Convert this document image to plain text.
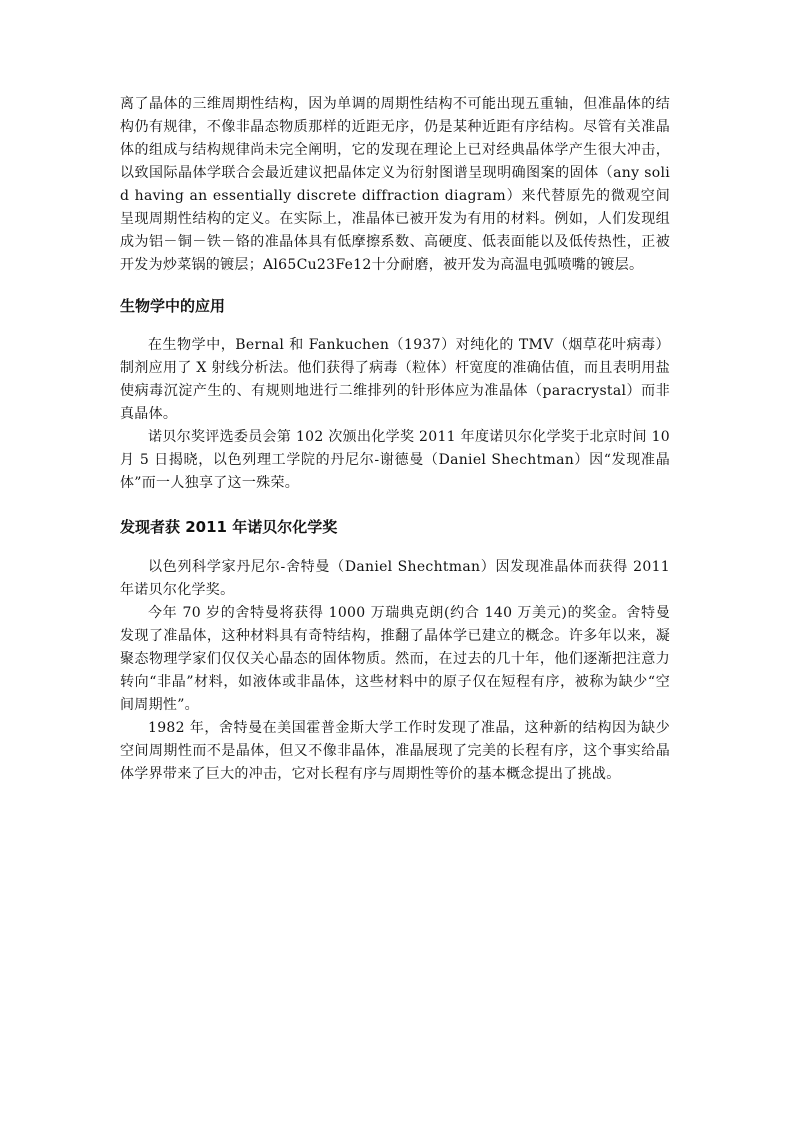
离了晶体的三维周期性结构，因为单调的周期性结构不可能出现五重轴，但准晶体的结构仍有规律，不像非晶态物质那样的近距无序，仍是某种近距有序结构。尽管有关准晶体的组成与结构规律尚未完全阐明，它的发现在理论上已对经典晶体学产生很大冲击，以致国际晶体学联合会最近建议把晶体定义为衍射图谱呈现明确图案的固体（any solid having an essentially discrete diffraction diagram）来代替原先的微观空间呈现周期性结构的定义。在实际上，准晶体已被开发为有用的材料。例如，人们发现组成为铝－铜－铁－铬的准晶体具有低摩擦系数、高硬度、低表面能以及低传热性，正被开发为炒菜锅的镀层；Al65Cu23Fe12十分耐磨，被开发为高温电弧喷嘴的镀层。

生物学中的应用

在生物学中，Bernal 和 Fankuchen（1937）对纯化的 TMV（烟草花叶病毒）制剂应用了 X 射线分析法。他们获得了病毒（粒体）杆宽度的准确估值，而且表明用盐使病毒沉淀产生的、有规则地进行二维排列的针形体应为准晶体（paracrystal）而非真晶体。

诺贝尔奖评选委员会第 102 次颁出化学奖 2011 年度诺贝尔化学奖于北京时间 10 月 5 日揭晓，以色列理工学院的丹尼尔-谢德曼（Daniel Shechtman）因“发现准晶体”而一人独享了这一殊荣。

发现者获 2011 年诺贝尔化学奖

以色列科学家丹尼尔-舍特曼（Daniel Shechtman）因发现准晶体而获得 2011 年诺贝尔化学奖。

今年 70 岁的舍特曼将获得 1000 万瑞典克朗(约合 140 万美元)的奖金。舍特曼发现了准晶体，这种材料具有奇特结构，推翻了晶体学已建立的概念。许多年以来，凝聚态物理学家们仅仅关心晶态的固体物质。然而，在过去的几十年，他们逐渐把注意力转向“非晶”材料，如液体或非晶体，这些材料中的原子仅在短程有序，被称为缺少“空间周期性”。

1982 年，舍特曼在美国霍普金斯大学工作时发现了准晶，这种新的结构因为缺少空间周期性而不是晶体，但又不像非晶体，准晶展现了完美的长程有序，这个事实给晶体学界带来了巨大的冲击，它对长程有序与周期性等价的基本概念提出了挑战。
